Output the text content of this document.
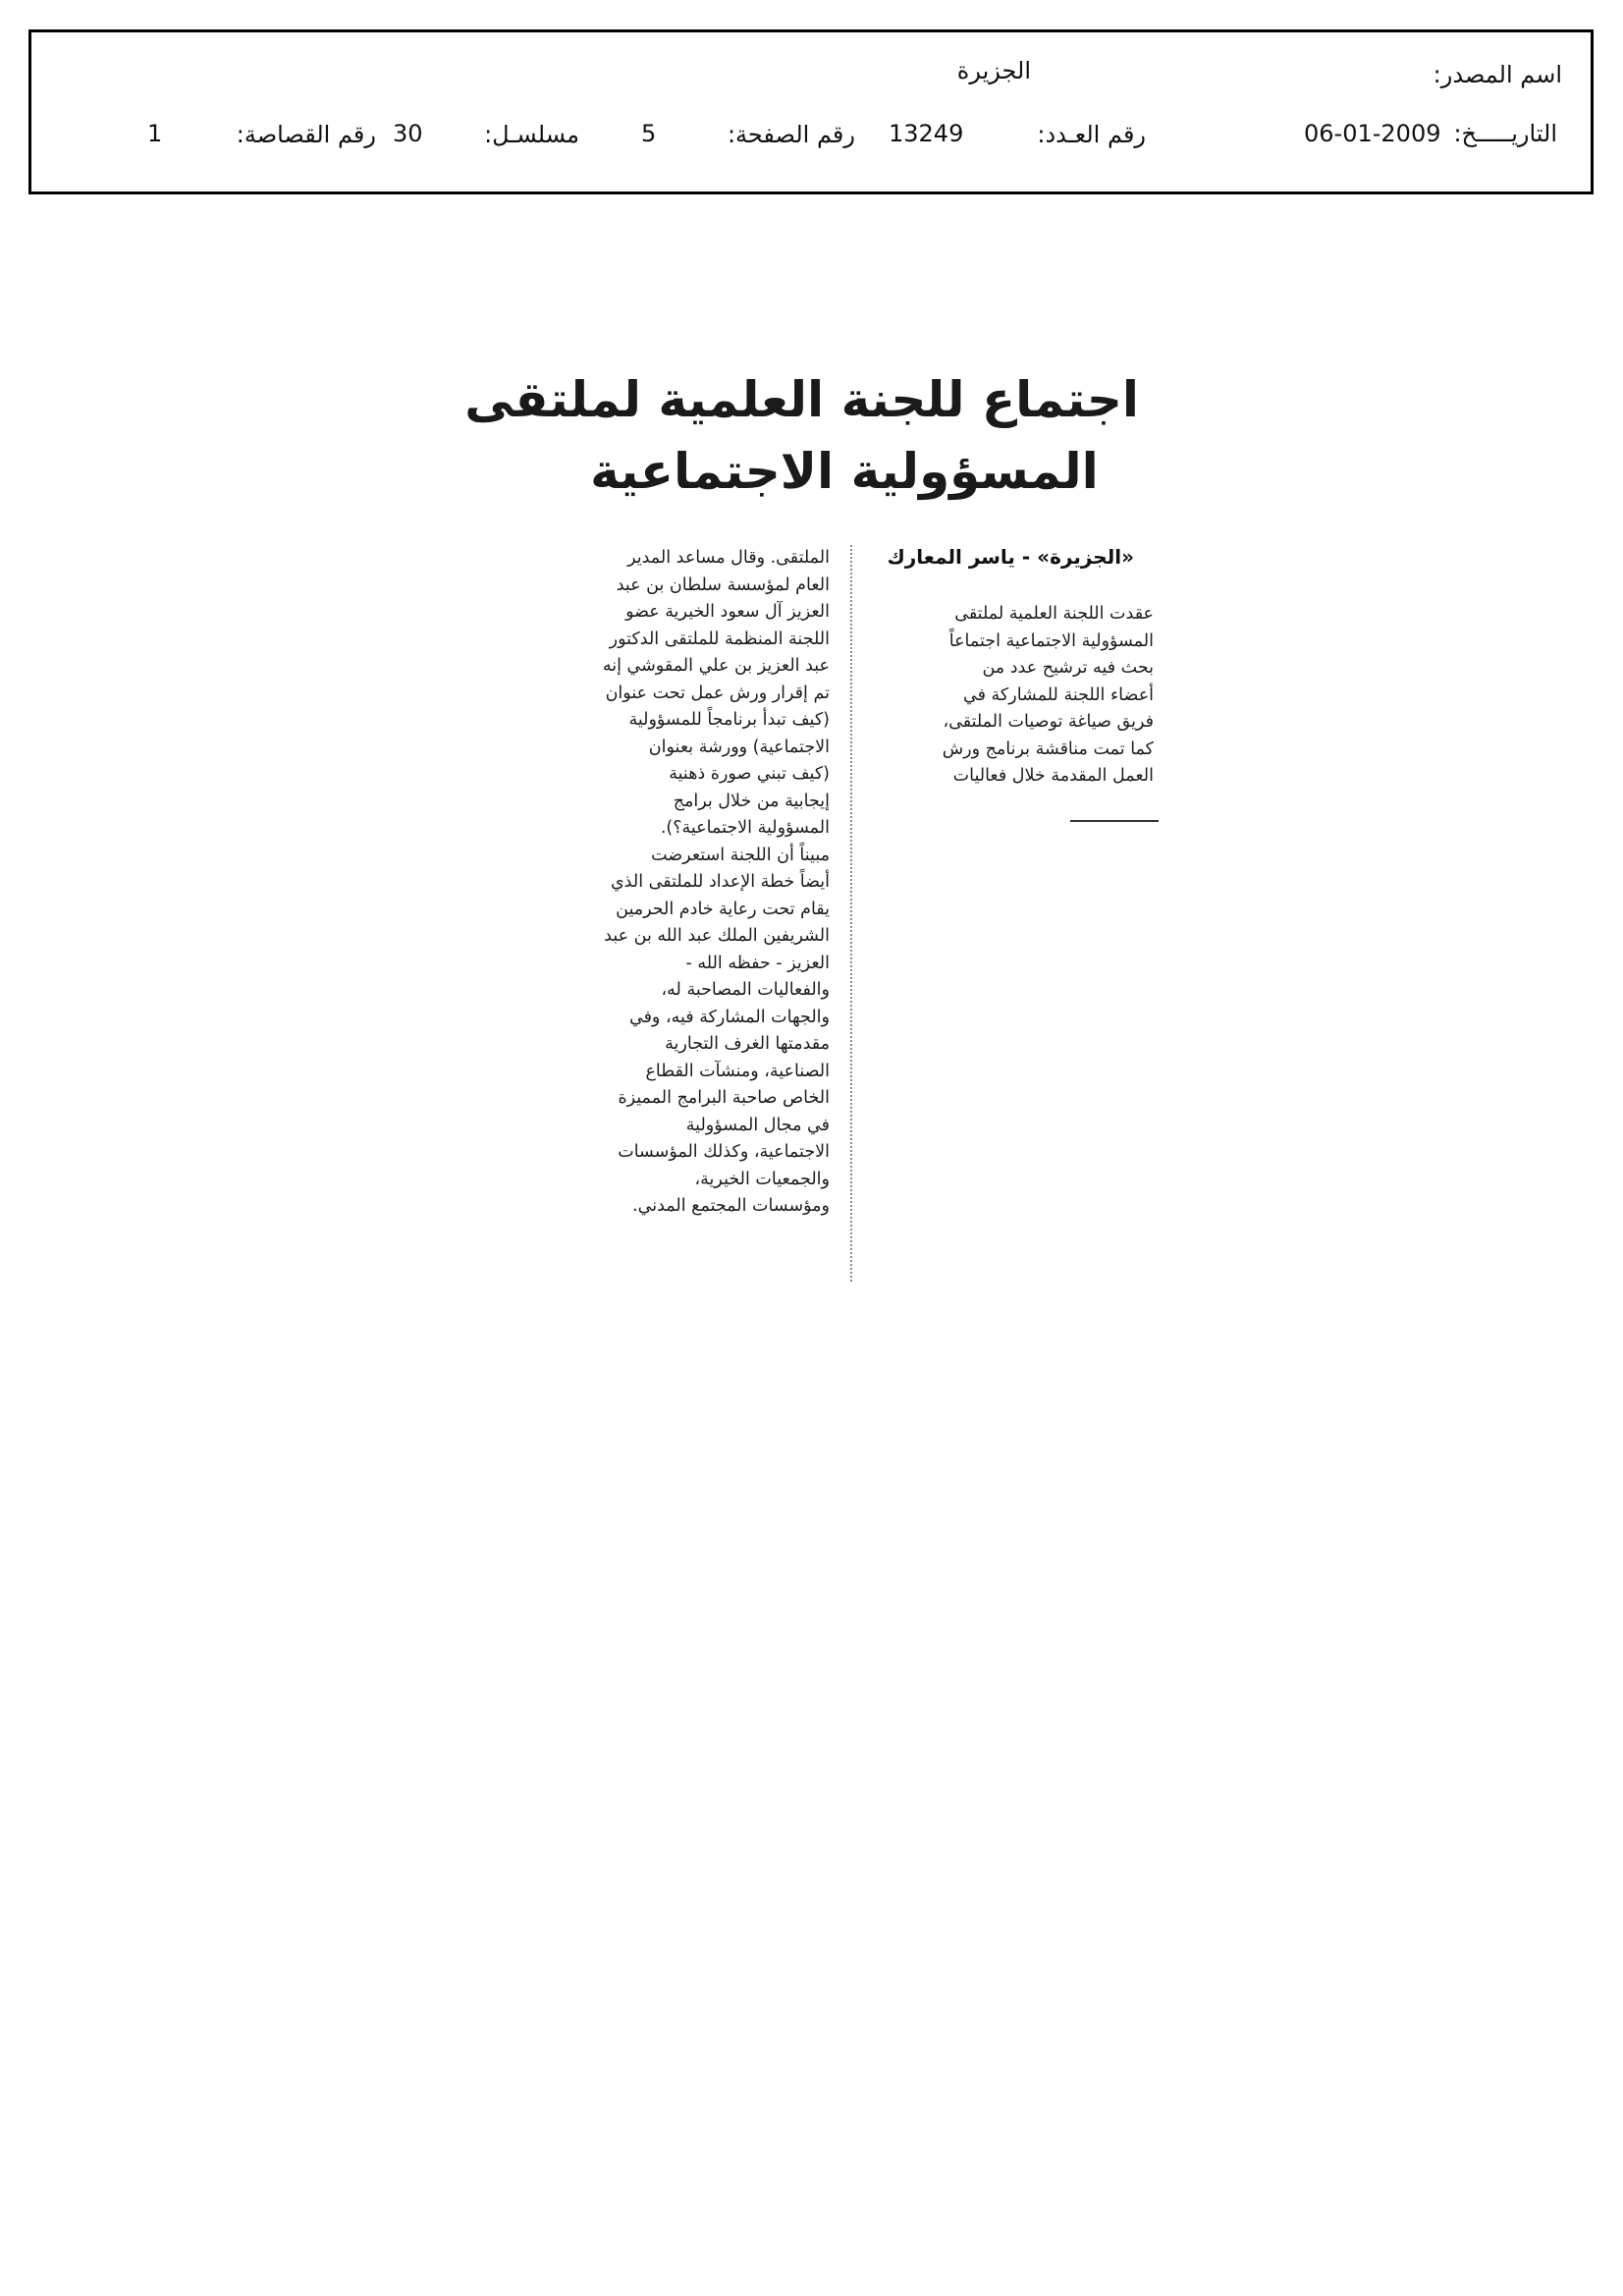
اسم المصدر:
الجزيرة
التاريـــــخ:
06-01-2009
رقم العـدد:
13249
رقم الصفحة:
5
مسلسـل:
30
رقم القصاصة:
1
اجتماع للجنة العلمية لملتقى
المسؤولية الاجتماعية
«الجزيرة» - ياسر المعارك
عقدت اللجنة العلمية لملتقى
المسؤولية الاجتماعية اجتماعاً
بحث فيه ترشيح عدد من
أعضاء اللجنة للمشاركة في
فريق صياغة توصيات الملتقى،
كما تمت مناقشة برنامج ورش
العمل المقدمة خلال فعاليات
الملتقى. وقال مساعد المدير
العام لمؤسسة سلطان بن عبد
العزيز آل سعود الخيرية عضو
اللجنة المنظمة للملتقى الدكتور
عبد العزيز بن علي المقوشي إنه
تم إقرار ورش عمل تحت عنوان
(كيف تبدأ برنامجاً للمسؤولية
الاجتماعية) وورشة بعنوان
(كيف تبني صورة ذهنية
إيجابية من خلال برامج
المسؤولية الاجتماعية؟).
مبيناً أن اللجنة استعرضت
أيضاً خطة الإعداد للملتقى الذي
يقام تحت رعاية خادم الحرمين
الشريفين الملك عبد الله بن عبد
العزيز - حفظه الله -
والفعاليات المصاحبة له،
والجهات المشاركة فيه، وفي
مقدمتها الغرف التجارية
الصناعية، ومنشآت القطاع
الخاص صاحبة البرامج المميزة
في مجال المسؤولية
الاجتماعية، وكذلك المؤسسات
والجمعيات الخيرية،
ومؤسسات المجتمع المدني.
